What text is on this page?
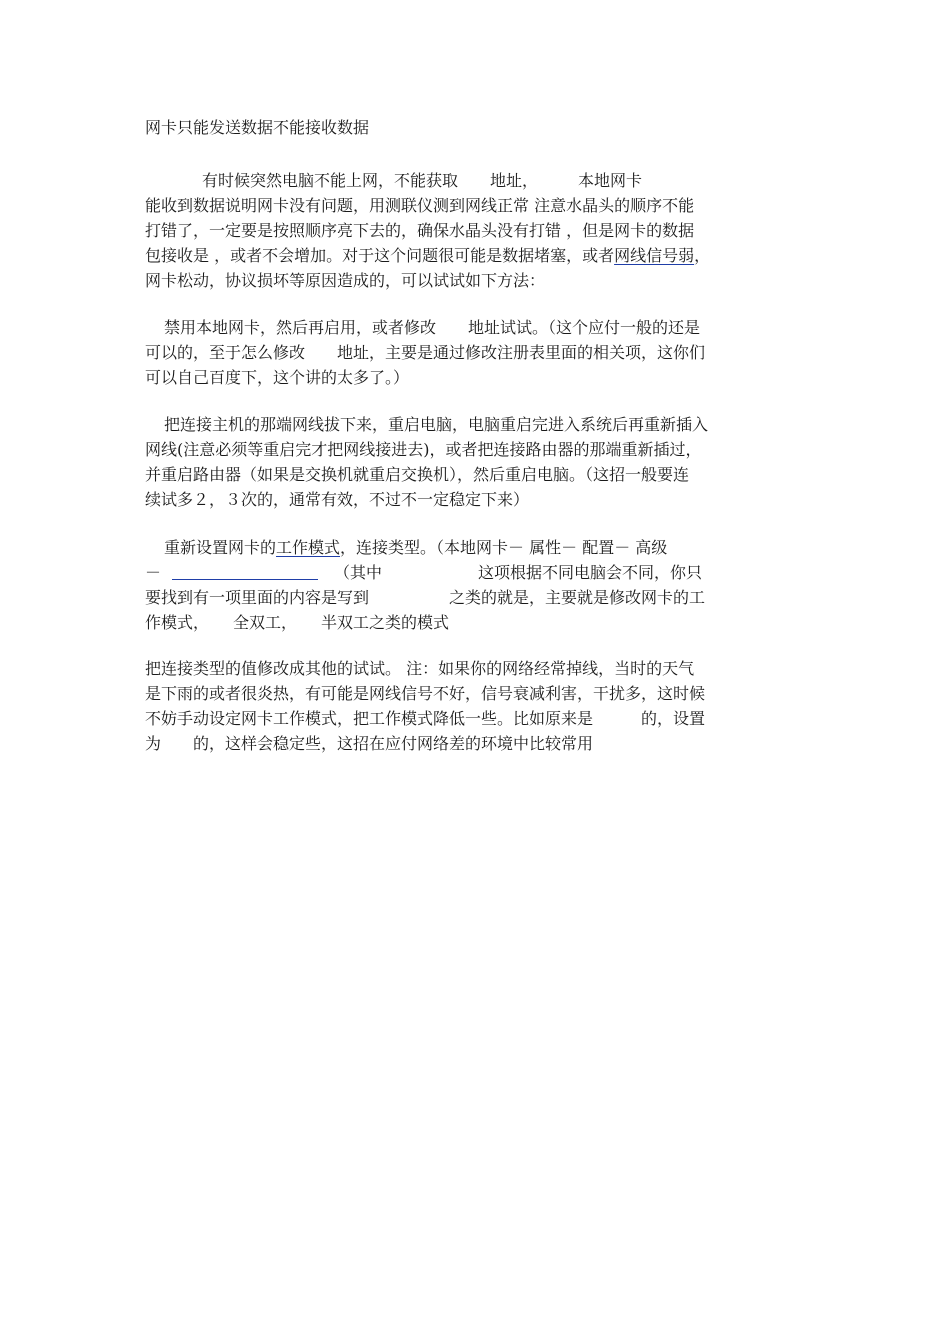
网卡只能发送数据不能接收数据
有时候突然电脑不能上网，不能获取　　地址，　　　本地网卡
能收到数据说明网卡没有问题，用测联仪测到网线正常 注意水晶头的顺序不能
打错了，一定要是按照顺序亮下去的，确保水晶头没有打错 ，但是网卡的数据
包接收是 ，或者不会增加。对于这个问题很可能是数据堵塞，或者网线信号弱，
网卡松动，协议损坏等原因造成的，可以试试如下方法：
禁用本地网卡，然后再启用，或者修改　　地址试试。（这个应付一般的还是
可以的，至于怎么修改　　地址，主要是通过修改注册表里面的相关项，这你们
可以自己百度下，这个讲的太多了。）
把连接主机的那端网线拔下来，重启电脑，电脑重启完进入系统后再重新插入
网线(注意必须等重启完才把网线接进去)，或者把连接路由器的那端重新插过，
并重启路由器（如果是交换机就重启交换机），然后重启电脑。（这招一般要连
续试多２，３次的，通常有效，不过不一定稳定下来）
重新设置网卡的工作模式，连接类型。（本地网卡－ 属性－ 配置－ 高级
－	（其中　　　　　　这项根据不同电脑会不同，你只
要找到有一项里面的内容是写到　　　　　之类的就是，主要就是修改网卡的工
作模式，　　全双工，　　半双工之类的模式
把连接类型的值修改成其他的试试。 注：如果你的网络经常掉线，当时的天气
是下雨的或者很炎热，有可能是网线信号不好，信号衰减利害，干扰多，这时候
不妨手动设定网卡工作模式，把工作模式降低一些。比如原来是　　　的，设置
为　　的，这样会稳定些，这招在应付网络差的环境中比较常用
